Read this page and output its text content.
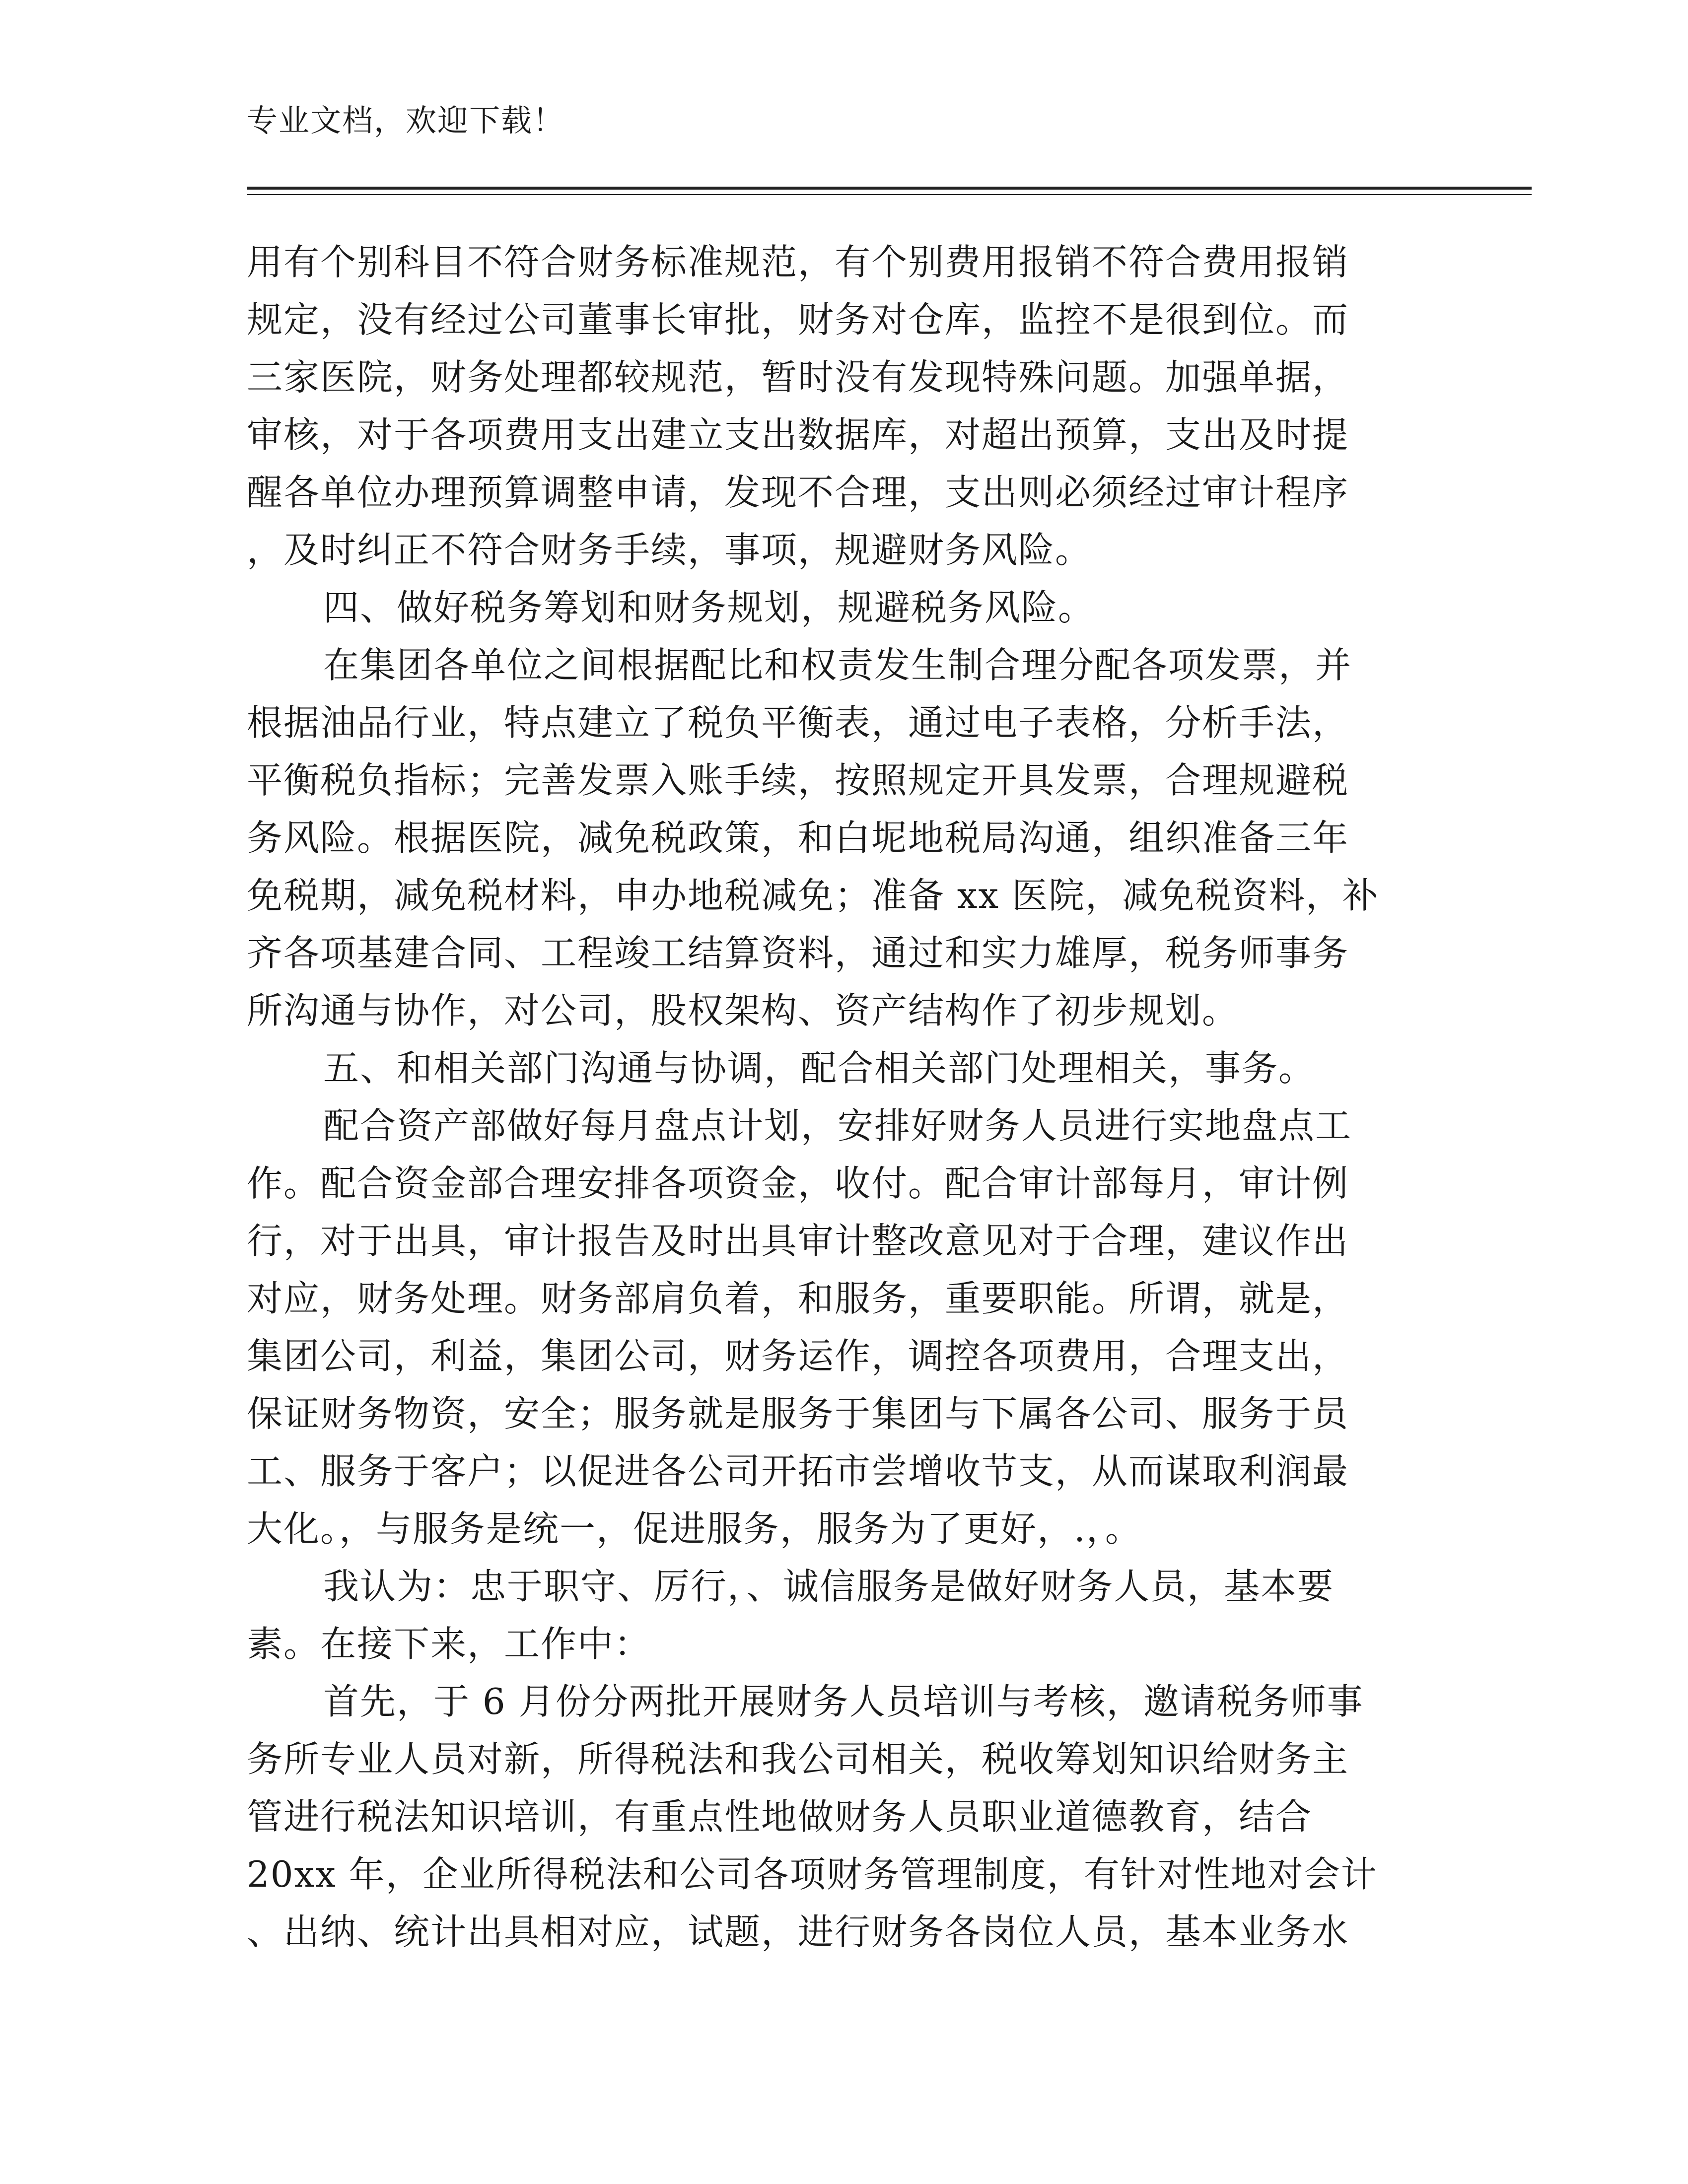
专业文档，欢迎下载！
用有个别科目不符合财务标准规范，有个别费用报销不符合费用报销
规定，没有经过公司董事长审批，财务对仓库，监控不是很到位。而
三家医院，财务处理都较规范，暂时没有发现特殊问题。加强单据，
审核，对于各项费用支出建立支出数据库，对超出预算，支出及时提
醒各单位办理预算调整申请，发现不合理，支出则必须经过审计程序
，及时纠正不符合财务手续，事项，规避财务风险。
四、做好税务筹划和财务规划，规避税务风险。
在集团各单位之间根据配比和权责发生制合理分配各项发票，并
根据油品行业，特点建立了税负平衡表，通过电子表格，分析手法，
平衡税负指标；完善发票入账手续，按照规定开具发票，合理规避税
务风险。根据医院，减免税政策，和白坭地税局沟通，组织准备三年
免税期，减免税材料，申办地税减免；准备 xx 医院，减免税资料，补
齐各项基建合同、工程竣工结算资料，通过和实力雄厚，税务师事务
所沟通与协作，对公司，股权架构、资产结构作了初步规划。
五、和相关部门沟通与协调，配合相关部门处理相关，事务。
配合资产部做好每月盘点计划，安排好财务人员进行实地盘点工
作。配合资金部合理安排各项资金，收付。配合审计部每月，审计例
行，对于出具，审计报告及时出具审计整改意见对于合理，建议作出
对应，财务处理。财务部肩负着，和服务，重要职能。所谓，就是，
集团公司，利益，集团公司，财务运作，调控各项费用，合理支出，
保证财务物资，安全；服务就是服务于集团与下属各公司、服务于员
工、服务于客户；以促进各公司开拓市尝增收节支，从而谋取利润最
大化。，与服务是统一，促进服务，服务为了更好，.，。
我认为：忠于职守、厉行，、诚信服务是做好财务人员，基本要
素。在接下来，工作中：
首先，于 6 月份分两批开展财务人员培训与考核，邀请税务师事
务所专业人员对新，所得税法和我公司相关，税收筹划知识给财务主
管进行税法知识培训，有重点性地做财务人员职业道德教育，结合
20xx 年，企业所得税法和公司各项财务管理制度，有针对性地对会计
、出纳、统计出具相对应，试题，进行财务各岗位人员，基本业务水
